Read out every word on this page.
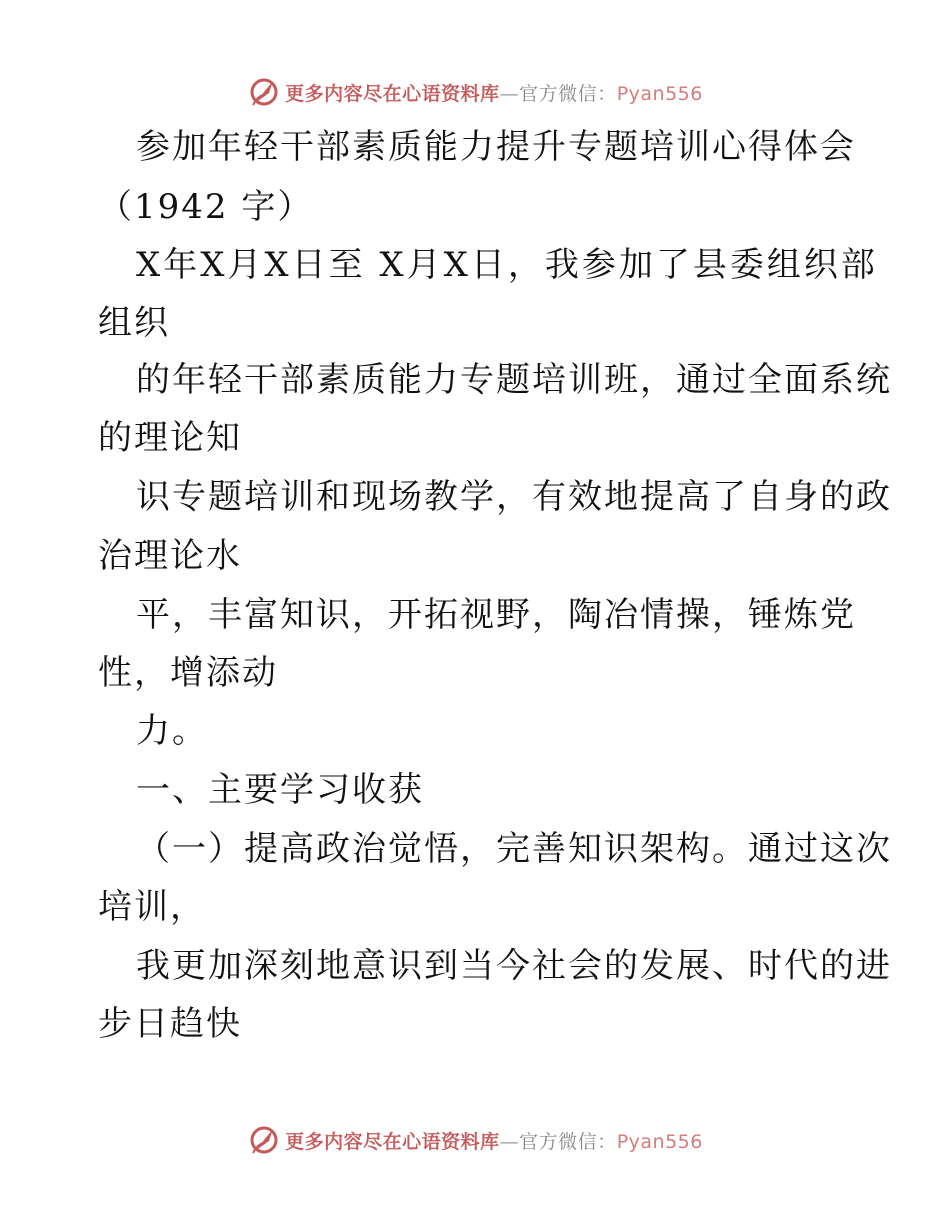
更多内容尽在心语资料库—官方微信：Pyan556
参加年轻干部素质能力提升专题培训心得体会
（1942 字）
X年X月X日至 X月X日，我参加了县委组织部
组织
的年轻干部素质能力专题培训班，通过全面系统
的理论知
识专题培训和现场教学，有效地提高了自身的政
治理论水
平，丰富知识，开拓视野，陶冶情操，锤炼党
性，增添动
力。
一、主要学习收获
（一）提高政治觉悟，完善知识架构。通过这次
培训，
我更加深刻地意识到当今社会的发展、时代的进
步日趋快
更多内容尽在心语资料库—官方微信：Pyan556
